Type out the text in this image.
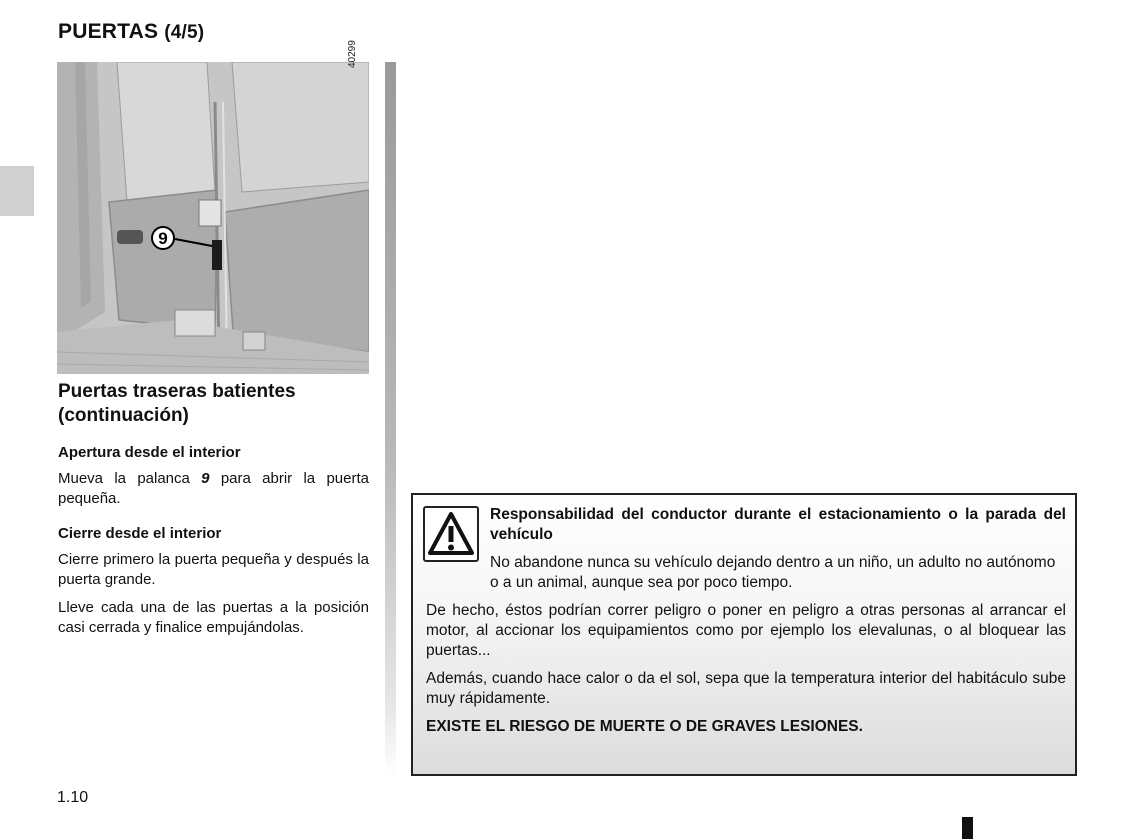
PUERTAS (4/5)
9
40299
Puertas traseras batientes
(continuación)
Apertura desde el interior
Mueva la palanca 9 para abrir la puerta pequeña.
Cierre desde el interior
Cierre primero la puerta pequeña y después la puerta grande.
Lleve cada una de las puertas a la posición casi cerrada y finalice empujándolas.
Responsabilidad del conductor durante el estacionamiento o la parada del vehículo
No abandone nunca su vehículo dejando dentro a un niño, un adulto no autónomo o a un animal, aunque sea por poco tiempo.
De hecho, éstos podrían correr peligro o poner en peligro a otras personas al arrancar el motor, al accionar los equipamientos como por ejemplo los elevalunas, o al bloquear las puertas...
Además, cuando hace calor o da el sol, sepa que la temperatura interior del habitáculo sube muy rápidamente.
EXISTE EL RIESGO DE MUERTE O DE GRAVES LESIONES.
1.10
